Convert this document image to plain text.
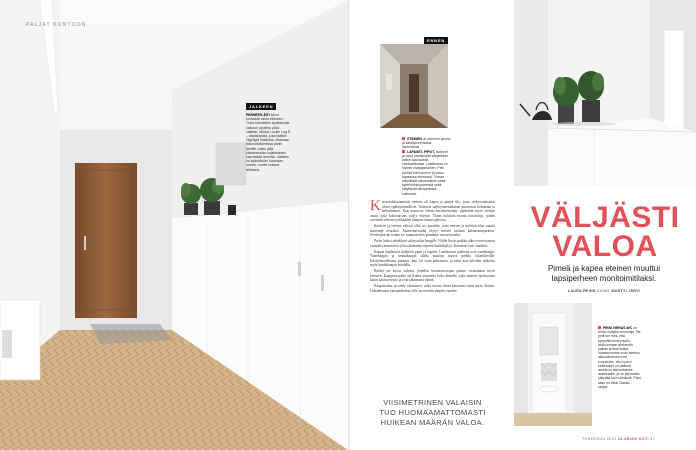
PALJAT KUNTOON
JALKEEN
PERHEEN ÄITI toivoi runsaasti valoa eteiseen. Tuiva toteutettiin sijoittamalla katkoon upotettu pitkä valaisin, Modus Lucien Log R – valaisinpaloi, joka lisättiin Highlight valaistus –tiloissasi. Ikkunoitutkielessa portin järmitti, miten jätiä yläsisnetoilen valaistuksen saa sisään auroihin. Valaisin on kytkettävän huomaan mimon, muttei koskeä lehtokea.
ENNEN
STEINEN oli aiemmin pimeä ja säkälyineensakai viemeltonai.
LAPASET, PIPOT, avaimet ja muut pientavarat säilytetään pelkin alaosa/eitä vetolaatikoissa. Laatikoissa on Mamm mattapintainen. Pieli kyvtää Kiert lurmun ja valon kapeassa eteisessä. Tilassa säilyttävät ulkoavasioiri vaate syttelmunkuparenstä sekä nätyttävät olkupeniskat kukkansit.

Kerrostalohuoneiston eteinen oli kapea ja pimeä tila, jossa säilytysratkaisut olivat epäkäytännölliset. Toimivat säilytysmeratkaisut puuttuivat kokonaan ja kellaritannut. Kun asuntoon tehtiin kerittäremontti, päätettiin myös eteinen uusia, jotta kokonaisuus säilyy ehyenä. Tilaan haluttiin monia toimintoja, joiden toivottiin olevan tyylikkäästi kaapien takana piilossa.

Keittiön ja eteisen välissä ollut wc purettiin, jotta eteisen ja keittiön tilaa saatiin suurempi avaraksi. Asuntomessuilta löytyi eteisen lattiaan kalanruotoparketti. Eteiskäytävän toinen wc kunnostettiin pienehkö vierasvessaksi.

Perhe halusi tehokkaat säilytystilat kengille. Näille löytyi paikka ulko-oven vieressä vaalealta komerosta, joka takenastin täyteen kenkähyllyä. Komeron ovet suurttiin.

Kapeat laatikostot kätkevät pipot ja lapaset. Laatikoston jatkeena ovat vaatekaapit. Vaatekaapin ja kenkäkaapin tilalta puuttuu sopiva penkki sulatellavalle. Käyttöturvallisuus paranee, kun voi istua pukemaan, ja tämä asia tulisikin ratkaista myös kenkäkaapin kohdalla.

Keittiö on hyvin valoisa, jotenkin huoneenostojan pääsee virtaamaan myös eteiseen. Kaappien pääty on lisäksi asennettu koko alueelle, joka valaisee epäsuorasti katon kautta eteistä ja ovat jakamassa elämä.

Kaapistoihin on tehty valaisimet, jotka tuovat tilaan kaivattua valoa myös iltaisin. Uuhaleivassa lapsiperheessä sille on tarvetta ympäri vuoden.

VIISIMETRINEN VALAISIN
TUO HUOMAAMATTOMASTI
HUIKEAN MÄÄRÄN VALOA.
VÄLJÄSTI
VALOA
Pimeä ja kapea eteinen muuttui
lapsiperheen monitoimitilaksi.
LAURA REINÄ KUVAT MARTTI JÄRVI
PIENI VIERAS-WC on ennen kuljailin suunnaja Tila petti ton mini, että pysyvällemme paatin lisähuomaan ambientin paikan ja tilan lisäys. Vaaleanmusta ovan asettuu alkuvaiheessa ovat huoneiden. Wc:n pieni peilikaappi on päässä asuntoon lasituotteissa asiakkaalle, ja se järjestään säilyttää kuin ulkoilulle. Pieni allas on Ideal Classic -sarjaa.
TOUKOKUU 2021 GLORIAN KOTI 47
